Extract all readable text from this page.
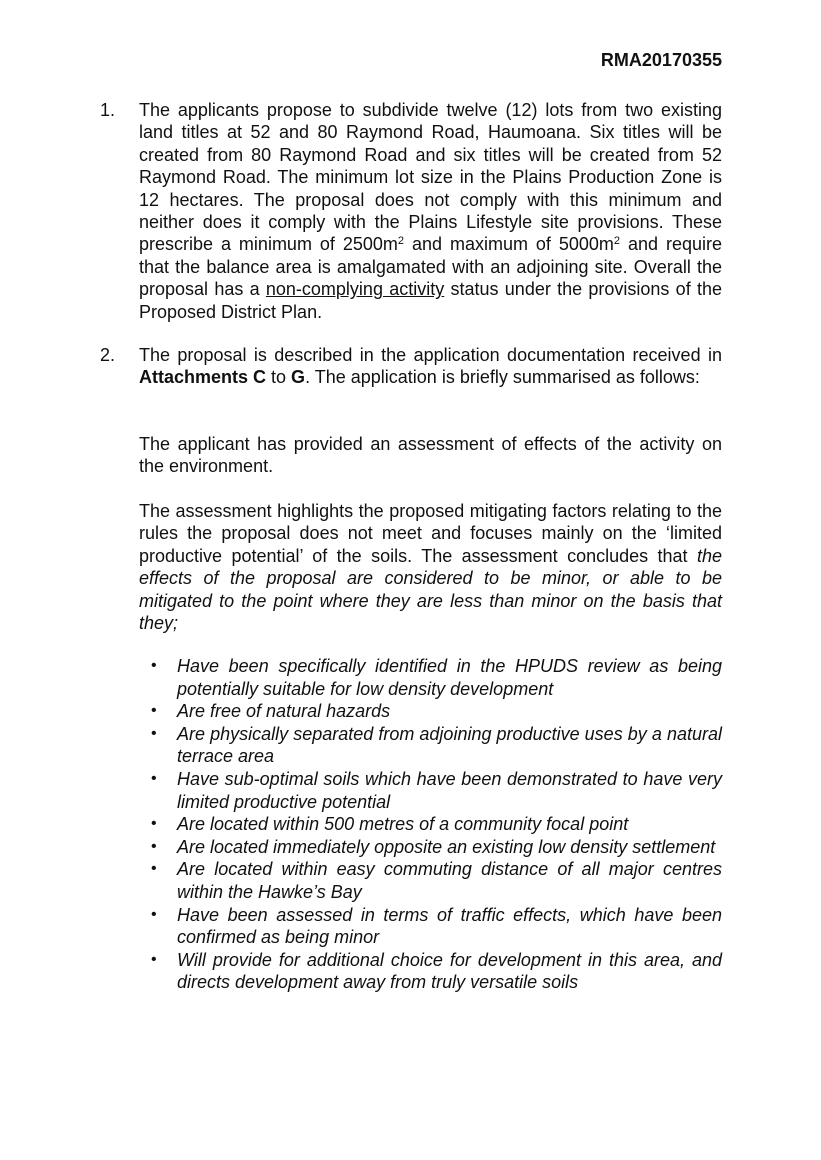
RMA20170355
1. The applicants propose to subdivide twelve (12) lots from two existing land titles at 52 and 80 Raymond Road, Haumoana. Six titles will be created from 80 Raymond Road and six titles will be created from 52 Raymond Road. The minimum lot size in the Plains Production Zone is 12 hectares. The proposal does not comply with this minimum and neither does it comply with the Plains Lifestyle site provisions. These prescribe a minimum of $2500m^2$ and maximum of $5000m^2$ and require that the balance area is amalgamated with an adjoining site. Overall the proposal has a non-complying activity status under the provisions of the Proposed District Plan.
2. The proposal is described in the application documentation received in Attachments C to G. The application is briefly summarised as follows:
The applicant has provided an assessment of effects of the activity on the environment.
The assessment highlights the proposed mitigating factors relating to the rules the proposal does not meet and focuses mainly on the ‘limited productive potential’ of the soils. The assessment concludes that the effects of the proposal are considered to be minor, or able to be mitigated to the point where they are less than minor on the basis that they;
• Have been specifically identified in the HPUDS review as being potentially suitable for low density development
• Are free of natural hazards
• Are physically separated from adjoining productive uses by a natural terrace area
• Have sub-optimal soils which have been demonstrated to have very limited productive potential
• Are located within 500 metres of a community focal point
• Are located immediately opposite an existing low density settlement
• Are located within easy commuting distance of all major centres within the Hawke’s Bay
• Have been assessed in terms of traffic effects, which have been confirmed as being minor
• Will provide for additional choice for development in this area, and directs development away from truly versatile soils
